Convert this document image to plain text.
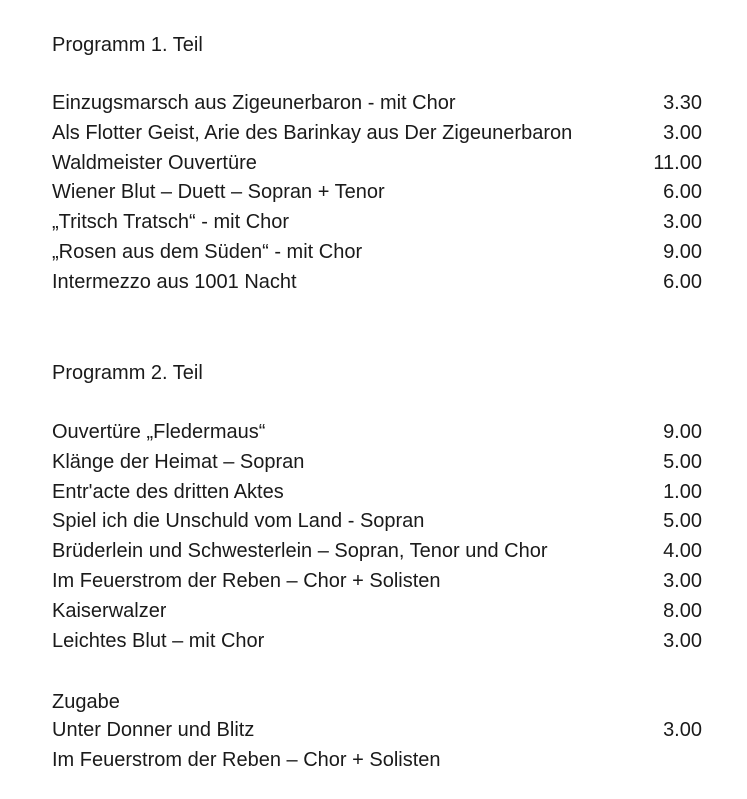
Programm 1. Teil
Einzugsmarsch aus Zigeunerbaron - mit Chor	3.30
Als Flotter Geist, Arie des Barinkay aus Der Zigeunerbaron	3.00
Waldmeister Ouvertüre	11.00
Wiener Blut – Duett – Sopran + Tenor	6.00
„Tritsch Tratsch“ - mit Chor	3.00
„Rosen aus dem Süden“ - mit Chor	9.00
Intermezzo aus 1001 Nacht	6.00
Programm 2. Teil
Ouvertüre „Fledermaus“	9.00
Klänge der Heimat – Sopran	5.00
Entr'acte des dritten Aktes	1.00
Spiel ich die Unschuld vom Land - Sopran	5.00
Brüderlein und Schwesterlein – Sopran, Tenor und Chor	4.00
Im Feuerstrom der Reben – Chor + Solisten	3.00
Kaiserwalzer	8.00
Leichtes Blut – mit Chor	3.00
Zugabe
Unter Donner und Blitz	3.00
Im Feuerstrom der Reben – Chor + Solisten
